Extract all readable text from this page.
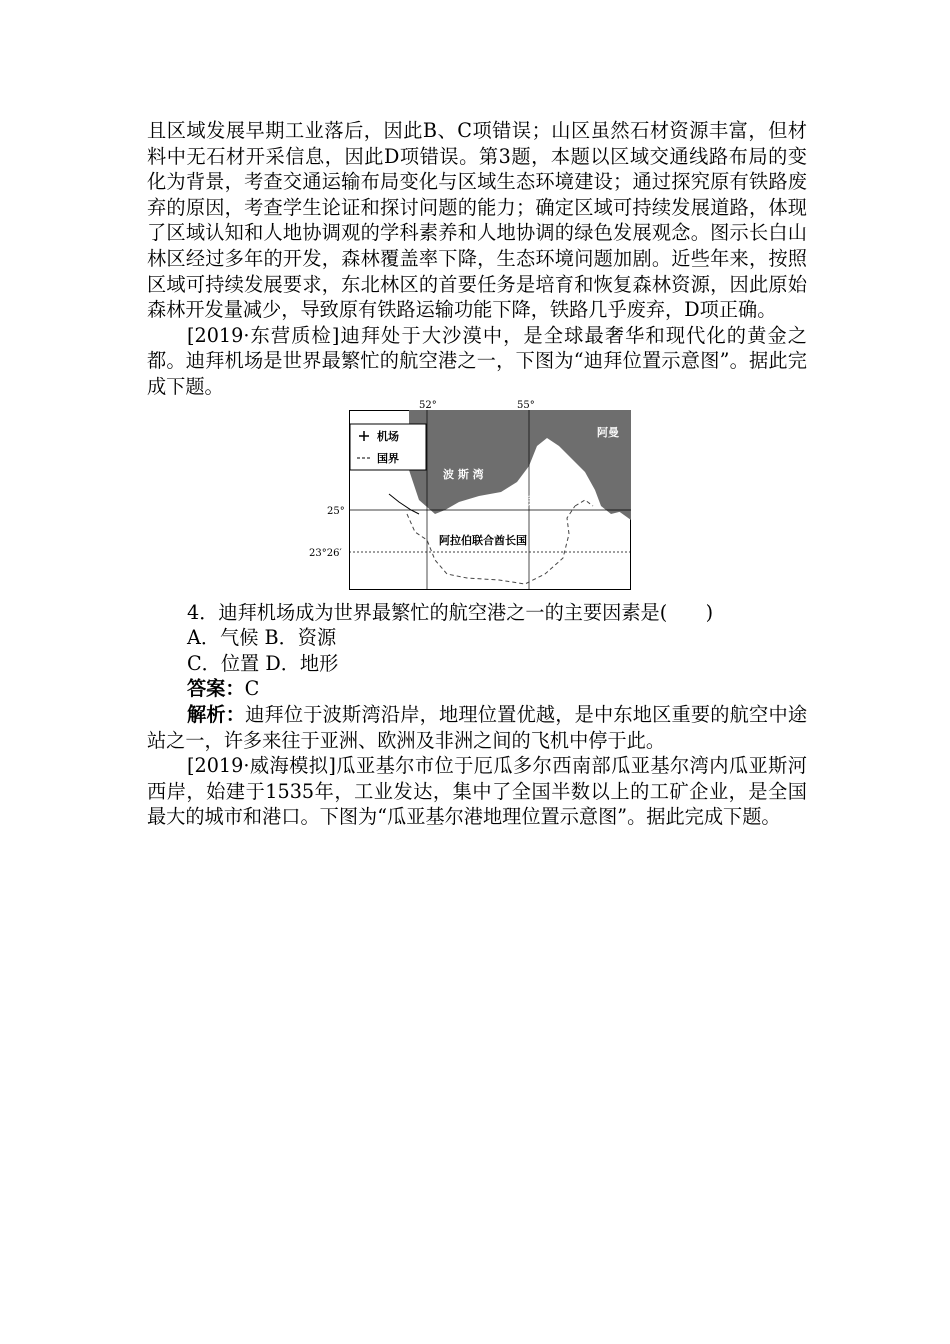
且区域发展早期工业落后，因此B、C项错误；山区虽然石材资源丰富，但材料中无石材开采信息，因此D项错误。第3题，本题以区域交通线路布局的变化为背景，考查交通运输布局变化与区域生态环境建设；通过探究原有铁路废弃的原因，考查学生论证和探讨问题的能力；确定区域可持续发展道路，体现了区域认知和人地协调观的学科素养和人地协调的绿色发展观念。图示长白山林区经过多年的开发，森林覆盖率下降，生态环境问题加剧。近些年来，按照区域可持续发展要求，东北林区的首要任务是培育和恢复森林资源，因此原始森林开发量减少，导致原有铁路运输功能下降，铁路几乎废弃，D项正确。

[2019·东营质检]迪拜处于大沙漠中，是全球最奢华和现代化的黄金之都。迪拜机场是世界最繁忙的航空港之一，下图为“迪拜位置示意图”。据此完成下题。

机场
国界
52°	55°
25°
23°26′
波 斯 湾
阿曼
迪拜
阿拉伯联合酋长国

4．迪拜机场成为世界最繁忙的航空港之一的主要因素是(　　)

A．气候 B．资源

C．位置 D．地形

答案：C

解析：迪拜位于波斯湾沿岸，地理位置优越，是中东地区重要的航空中途站之一，许多来往于亚洲、欧洲及非洲之间的飞机中停于此。

[2019·威海模拟]瓜亚基尔市位于厄瓜多尔西南部瓜亚基尔湾内瓜亚斯河西岸，始建于1535年，工业发达，集中了全国半数以上的工矿企业，是全国最大的城市和港口。下图为“瓜亚基尔港地理位置示意图”。据此完成下题。
